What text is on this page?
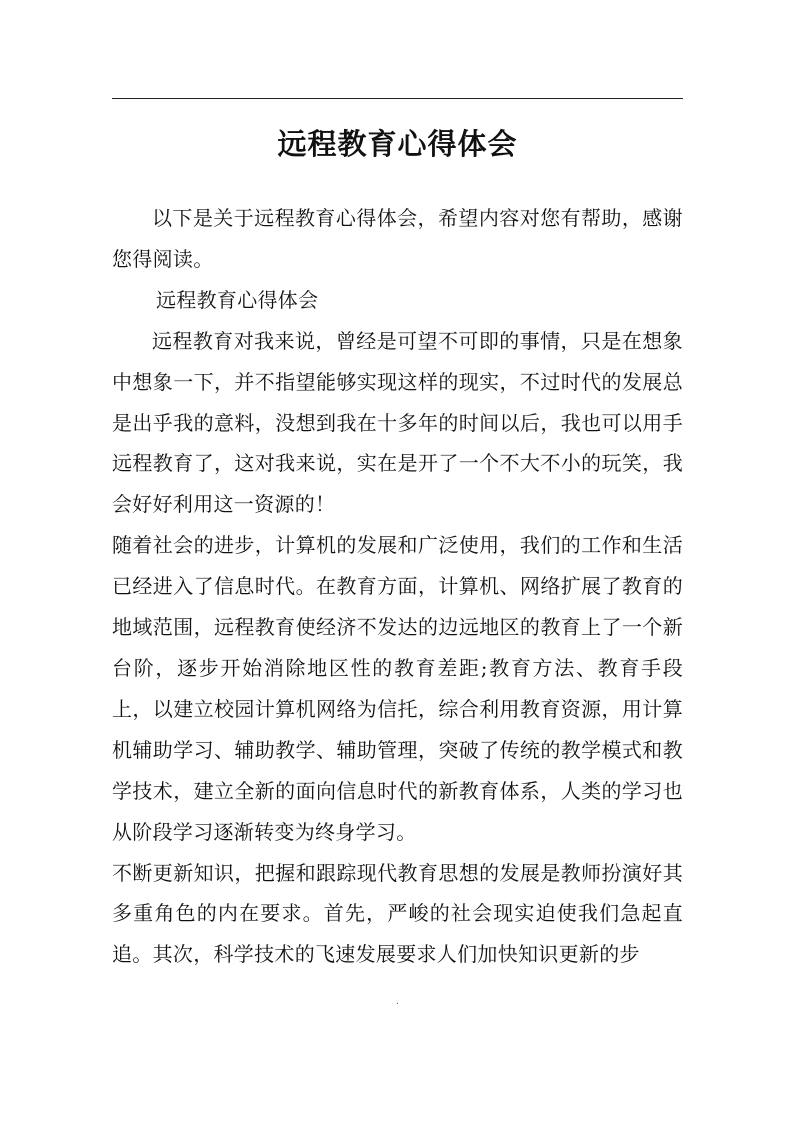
远程教育心得体会

以下是关于远程教育心得体会，希望内容对您有帮助，感谢您得阅读。

远程教育心得体会

远程教育对我来说，曾经是可望不可即的事情，只是在想象中想象一下，并不指望能够实现这样的现实，不过时代的发展总是出乎我的意料，没想到我在十多年的时间以后，我也可以用手远程教育了，这对我来说，实在是开了一个不大不小的玩笑，我会好好利用这一资源的！

随着社会的进步，计算机的发展和广泛使用，我们的工作和生活已经进入了信息时代。在教育方面，计算机、网络扩展了教育的地域范围，远程教育使经济不发达的边远地区的教育上了一个新台阶，逐步开始消除地区性的教育差距;教育方法、教育手段上，以建立校园计算机网络为信托，综合利用教育资源，用计算机辅助学习、辅助教学、辅助管理，突破了传统的教学模式和教学技术，建立全新的面向信息时代的新教育体系，人类的学习也从阶段学习逐渐转变为终身学习。

不断更新知识，把握和跟踪现代教育思想的发展是教师扮演好其多重角色的内在要求。首先，严峻的社会现实迫使我们急起直追。其次，科学技术的飞速发展要求人们加快知识更新的步

.
